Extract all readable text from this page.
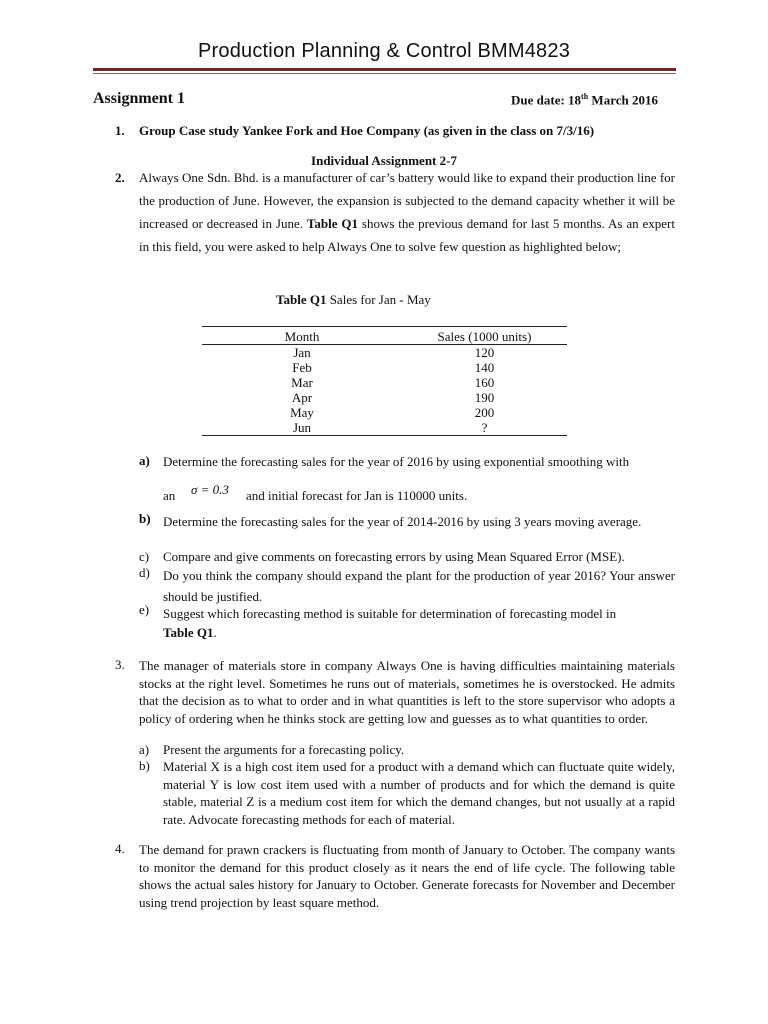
Production Planning & Control BMM4823
Assignment 1	Due date: 18th March 2016
1. Group Case study Yankee Fork and Hoe Company (as given in the class on 7/3/16)
Individual Assignment 2-7
2. Always One Sdn. Bhd. is a manufacturer of car’s battery would like to expand their production line for the production of June. However, the expansion is subjected to the demand capacity whether it will be increased or decreased in June. Table Q1 shows the previous demand for last 5 months. As an expert in this field, you were asked to help Always One to solve few question as highlighted below;
Table Q1 Sales for Jan - May
Month	Sales (1000 units)
Jan	120
Feb	140
Mar	160
Apr	190
May	200
Jun	?
a) Determine the forecasting sales for the year of 2016 by using exponential smoothing with
an σ = 0.3 and initial forecast for Jan is 110000 units.
b) Determine the forecasting sales for the year of 2014-2016 by using 3 years moving average.
c) Compare and give comments on forecasting errors by using Mean Squared Error (MSE).
d) Do you think the company should expand the plant for the production of year 2016? Your answer should be justified.
e) Suggest which forecasting method is suitable for determination of forecasting model in
Table Q1.
3. The manager of materials store in company Always One is having difficulties maintaining materials stocks at the right level. Sometimes he runs out of materials, sometimes he is overstocked. He admits that the decision as to what to order and in what quantities is left to the store supervisor who adopts a policy of ordering when he thinks stock are getting low and guesses as to what quantities to order.
a) Present the arguments for a forecasting policy.
b) Material X is a high cost item used for a product with a demand which can fluctuate quite widely, material Y is low cost item used with a number of products and for which the demand is quite stable, material Z is a medium cost item for which the demand changes, but not usually at a rapid rate. Advocate forecasting methods for each of material.
4. The demand for prawn crackers is fluctuating from month of January to October. The company wants to monitor the demand for this product closely as it nears the end of life cycle. The following table shows the actual sales history for January to October. Generate forecasts for November and December using trend projection by least square method.
